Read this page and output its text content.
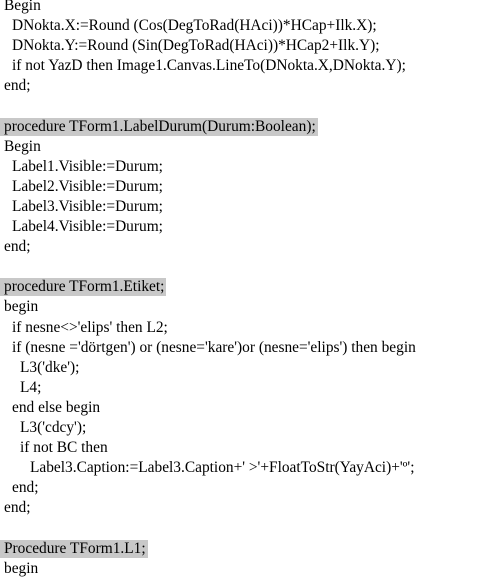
Begin
DNokta.X:=Round (Cos(DegToRad(HAci))*HCap+Ilk.X);
DNokta.Y:=Round (Sin(DegToRad(HAci))*HCap2+Ilk.Y);
if not YazD then Image1.Canvas.LineTo(DNokta.X,DNokta.Y);
end;
procedure TForm1.LabelDurum(Durum:Boolean);
Begin
Label1.Visible:=Durum;
Label2.Visible:=Durum;
Label3.Visible:=Durum;
Label4.Visible:=Durum;
end;
procedure TForm1.Etiket;
begin
if nesne<>'elips' then L2;
if (nesne ='dörtgen') or (nesne='kare')or (nesne='elips') then begin
L3('dke');
L4;
end else begin
L3('cdcy');
if not BC then
Label3.Caption:=Label3.Caption+' >'+FloatToStr(YayAci)+'º';
end;
end;
Procedure TForm1.L1;
begin
